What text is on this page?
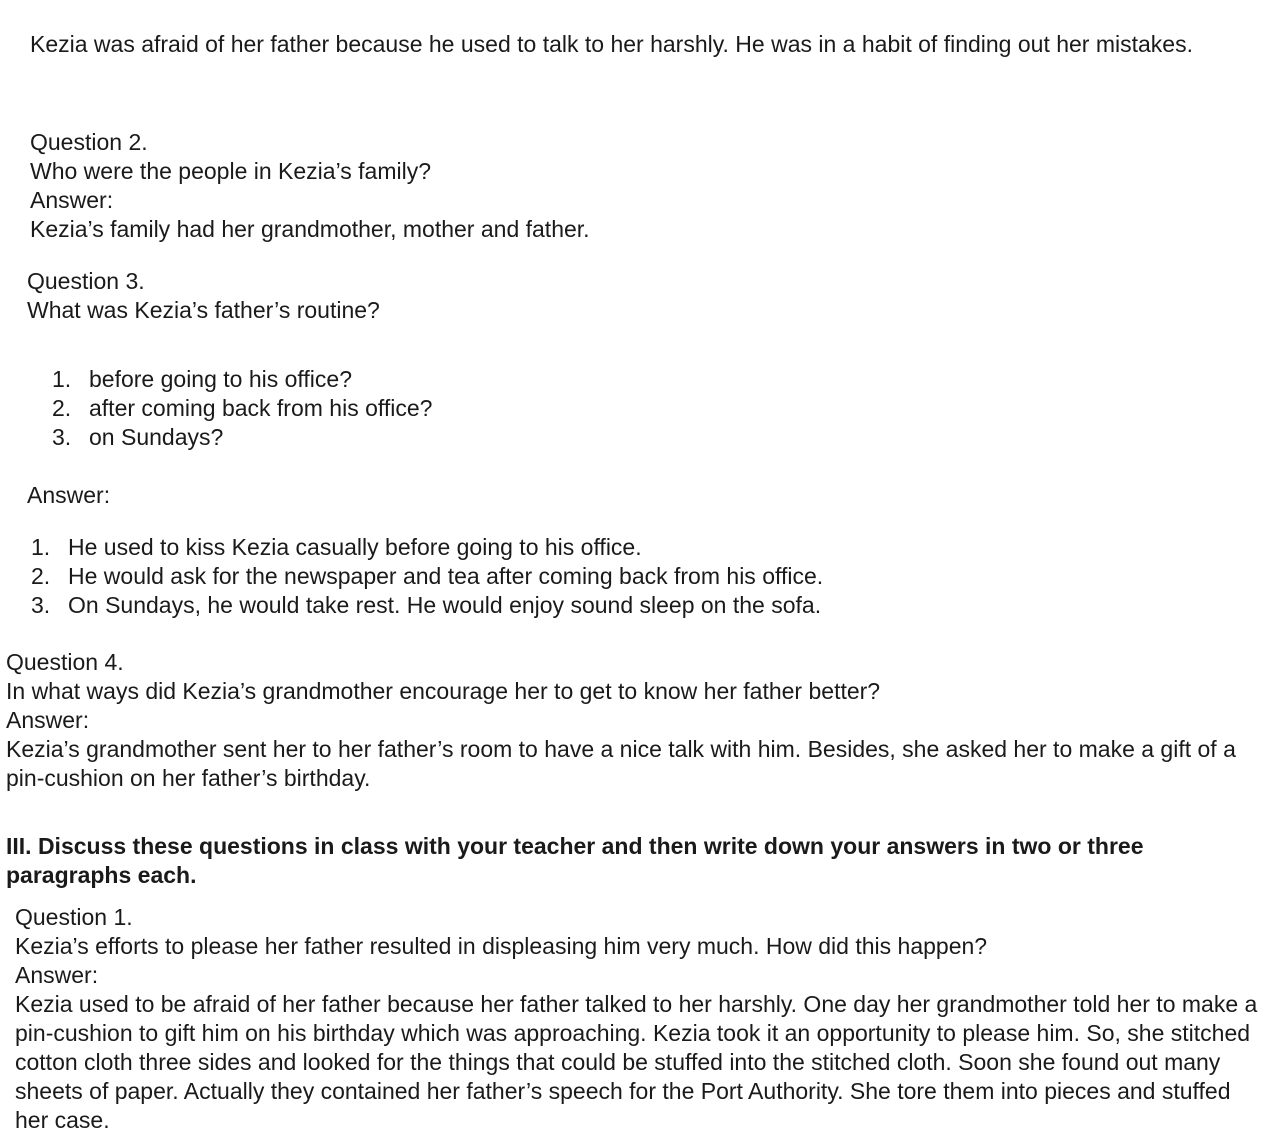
Kezia was afraid of her father because he used to talk to her harshly. He was in a habit of finding out her mistakes.

Question 2.

Who were the people in Kezia’s family?

Answer:

Kezia’s family had her grandmother, mother and father.

Question 3.

What was Kezia’s father’s routine?

1. before going to his office?
2. after coming back from his office?
3. on Sundays?

Answer:

1. He used to kiss Kezia casually before going to his office.
2. He would ask for the newspaper and tea after coming back from his office.
3. On Sundays, he would take rest. He would enjoy sound sleep on the sofa.

Question 4.

In what ways did Kezia’s grandmother encourage her to get to know her father better?

Answer:

Kezia’s grandmother sent her to her father’s room to have a nice talk with him. Besides, she asked her to make a gift of a pin-cushion on her father’s birthday.

III. Discuss these questions in class with your teacher and then write down your answers in two or three paragraphs each.

Question 1.

Kezia’s efforts to please her father resulted in displeasing him very much. How did this happen?

Answer:

Kezia used to be afraid of her father because her father talked to her harshly. One day her grandmother told her to make a pin-cushion to gift him on his birthday which was approaching. Kezia took it an opportunity to please him. So, she stitched cotton cloth three sides and looked for the things that could be stuffed into the stitched cloth. Soon she found out many sheets of paper. Actually they contained her father’s speech for the Port Authority. She tore them into pieces and stuffed her case.
